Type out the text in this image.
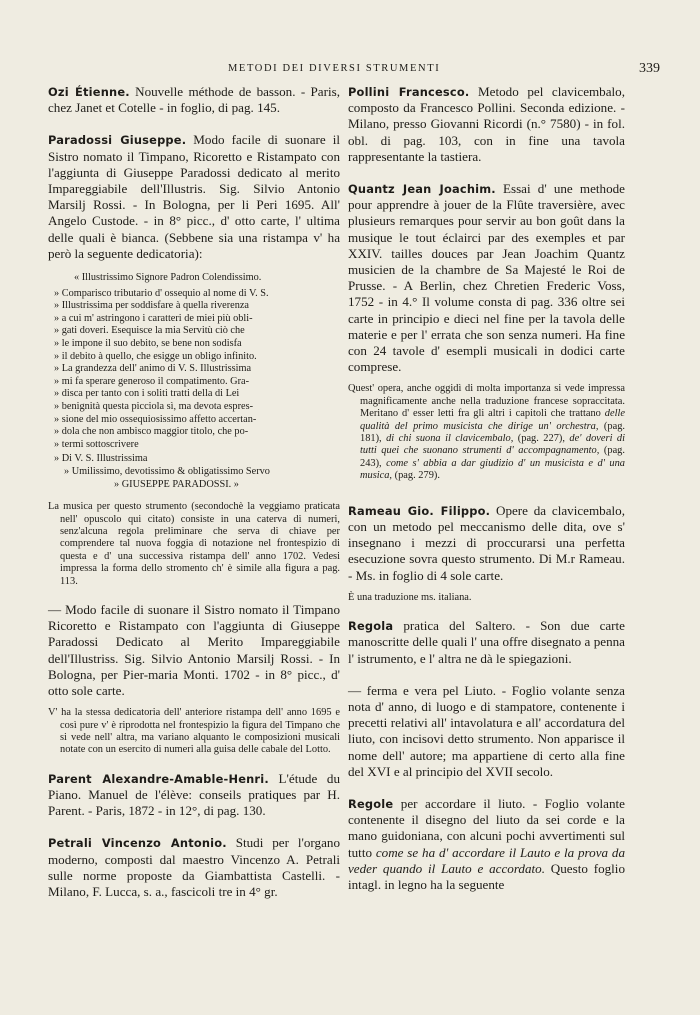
METODI DEI DIVERSI STRUMENTI	339

Ozi Étienne. Nouvelle méthode de basson. - Paris, chez Janet et Cotelle - in foglio, di pag. 145.

Paradossi Giuseppe. Modo facile di suonare il Sistro nomato il Timpano, Ricoretto e Ristampato con l'aggiunta di Giuseppe Paradossi dedicato al merito Impareggiabile dell'Illustris. Sig. Silvio Antonio Marsilj Rossi. - In Bologna, per li Peri 1695. All' Angelo Custode. - in 8° picc., d' otto carte, l' ultima delle quali è bianca. (Sebbene sia una ristampa v' ha però la seguente dedicatoria):

« Illustrissimo Signore Padron Colendissimo.
» Comparisco tributario d' ossequio al nome di V. S.
» Illustrissima per soddisfare à quella riverenza
» a cui m' astringono i caratteri de miei più obli-
» gati doveri. Esequisce la mia Servitù ciò che
» le impone il suo debito, se bene non sodisfa
» il debito à quello, che esigge un obligo infinito.
» La grandezza dell' animo di V. S. Illustrissima
» mi fa sperare generoso il compatimento. Gra-
» disca per tanto con i soliti tratti della di Lei
» benignità questa picciola sì, ma devota espres-
» sione del mio ossequiosissimo affetto accertan-
» dola che non ambisco maggior titolo, che po-
» termi sottoscrivere
» Di V. S. Illustrissima
» Umilissimo, devotissimo & obligatissimo Servo
» GIUSEPPE PARADOSSI. »

La musica per questo strumento (secondochè la veggiamo praticata nell' opuscolo qui citato) consiste in una caterva di numeri, senz'alcuna regola preliminare che serva di chiave per comprendere tal nuova foggia di notazione nel frontespizio di questa e d' una successiva ristampa dell' anno 1702. Vedesi impressa la forma dello stromento ch' è simile alla figura a pag. 113.

— Modo facile di suonare il Sistro nomato il Timpano Ricoretto e Ristampato con l'aggiunta di Giuseppe Paradossi Dedicato al Merito Impareggiabile dell'Illustriss. Sig. Silvio Antonio Marsilj Rossi. - In Bologna, per Pier-maria Monti. 1702 - in 8° picc., d' otto sole carte.

V' ha la stessa dedicatoria dell' anteriore ristampa dell' anno 1695 e così pure v' è riprodotta nel frontespizio la figura del Timpano che si vede nell' altra, ma variano alquanto le composizioni musicali notate con un esercito di numeri alla guisa delle cabale del Lotto.

Parent Alexandre-Amable-Henri. L'étude du Piano. Manuel de l'élève: conseils pratiques par H. Parent. - Paris, 1872 - in 12°, di pag. 130.

Petrali Vincenzo Antonio. Studi per l'organo moderno, composti dal maestro Vincenzo A. Petrali sulle norme proposte da Giambattista Castelli. - Milano, F. Lucca, s. a., fascicoli tre in 4° gr.

Pollini Francesco. Metodo pel clavicembalo, composto da Francesco Pollini. Seconda edizione. - Milano, presso Giovanni Ricordi (n.° 7580) - in fol. obl. di pag. 103, con in fine una tavola rappresentante la tastiera.

Quantz Jean Joachim. Essai d' une methode pour apprendre à jouer de la Flûte traversière, avec plusieurs remarques pour servir au bon goût dans la musique le tout éclairci par des exemples et par XXIV. tailles douces par Jean Joachim Quantz musicien de la chambre de Sa Majesté le Roi de Prusse. - A Berlin, chez Chretien Frederic Voss, 1752 - in 4.° Il volume consta di pag. 336 oltre sei carte in principio e dieci nel fine per la tavola delle materie e per l' errata che son senza numeri. Ha fine con 24 tavole d' esempli musicali in dodici carte comprese.

Quest' opera, anche oggidì di molta importanza si vede impressa magnificamente anche nella traduzione francese sopraccitata. Meritano d' esser letti fra gli altri i capitoli che trattano delle qualità del primo musicista che dirige un' orchestra, (pag. 181), di chi suona il clavicembalo, (pag. 227), de' doveri di tutti quei che suonano strumenti d' accompagnamento, (pag. 243), come s' abbia a dar giudizio d' un musicista e d' una musica, (pag. 279).

Rameau Gio. Filippo. Opere da clavicembalo, con un metodo pel meccanismo delle dita, ove s' insegnano i mezzi di proccurarsi una perfetta esecuzione sovra questo strumento. Di M.r Rameau. - Ms. in foglio di 4 sole carte.

È una traduzione ms. italiana.

Regola pratica del Saltero. - Son due carte manoscritte delle quali l' una offre disegnato a penna l' istrumento, e l' altra ne dà le spiegazioni.

— ferma e vera pel Liuto. - Foglio volante senza nota d' anno, di luogo e di stampatore, contenente i precetti relativi all' intavolatura e all' accordatura del liuto, con incisovi detto strumento. Non apparisce il nome dell' autore; ma appartiene di certo alla fine del XVI e al principio del XVII secolo.

Regole per accordare il liuto. - Foglio volante contenente il disegno del liuto da sei corde e la mano guidoniana, con alcuni pochi avvertimenti sul tutto come se ha d' accordare il Lauto e la prova da veder quando il Lauto e accordato. Questo foglio intagl. in legno ha la seguente
